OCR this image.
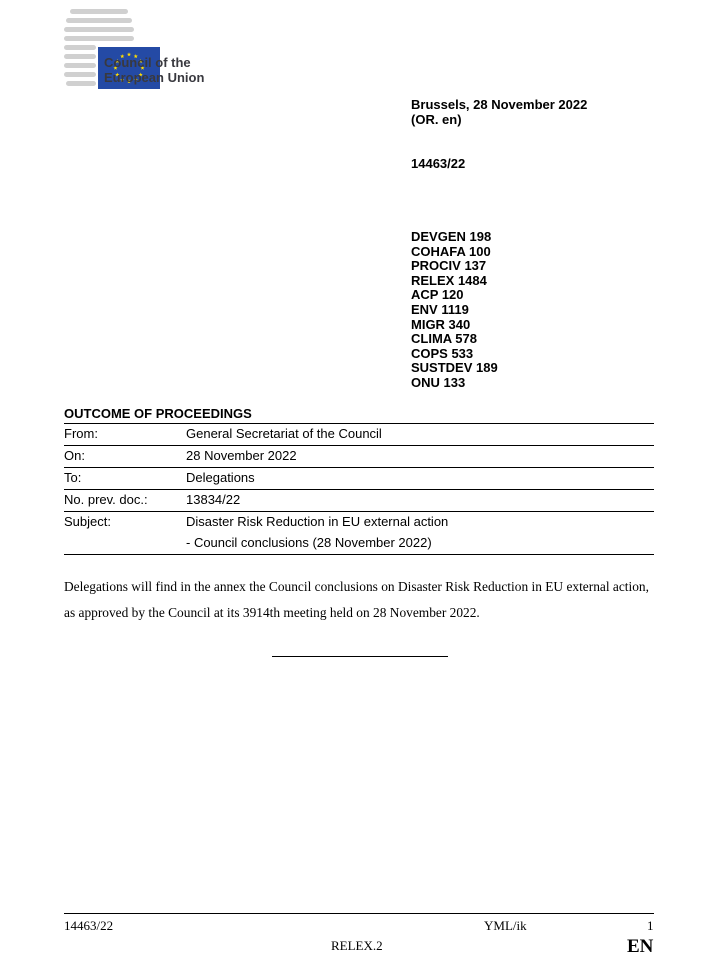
Council of the
European Union
Brussels, 28 November 2022
(OR. en)
14463/22
DEVGEN 198
COHAFA 100
PROCIV 137
RELEX 1484
ACP 120
ENV 1119
MIGR 340
CLIMA 578
COPS 533
SUSTDEV 189
ONU 133
OUTCOME OF PROCEEDINGS
From:	General Secretariat of the Council
On:	28 November 2022
To:	Delegations
No. prev. doc.:	13834/22
Subject:	Disaster Risk Reduction in EU external action
- Council conclusions (28 November 2022)
Delegations will find in the annex the Council conclusions on Disaster Risk Reduction in EU external action, as approved by the Council at its 3914th meeting held on 28 November 2022.
14463/22	YML/ik	1
RELEX.2	EN
